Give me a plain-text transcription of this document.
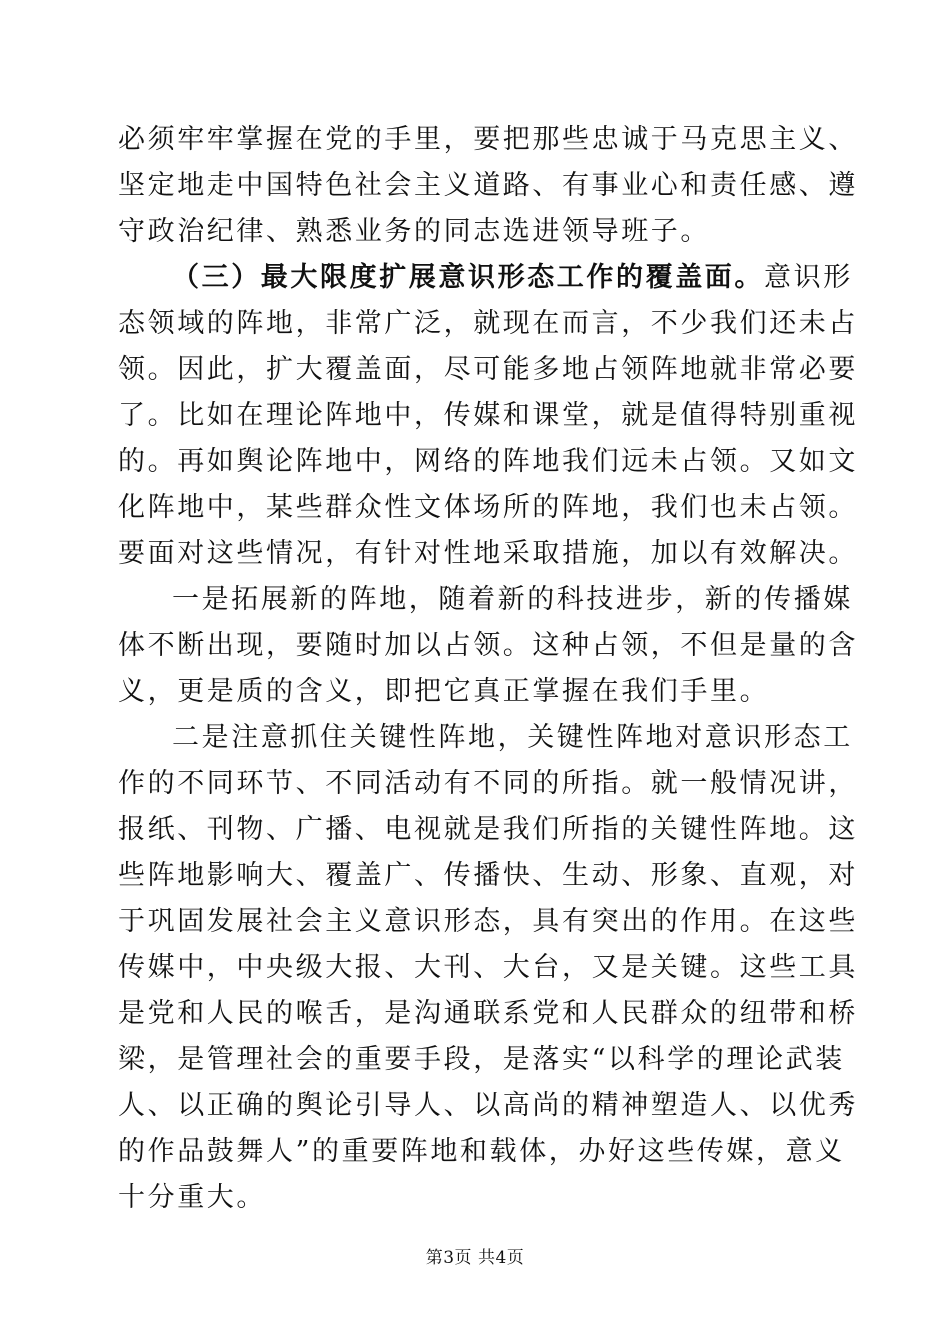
必须牢牢掌握在党的手里，要把那些忠诚于马克思主义、
坚定地走中国特色社会主义道路、有事业心和责任感、遵
守政治纪律、熟悉业务的同志选进领导班子。
（三）最大限度扩展意识形态工作的覆盖面。意识形
态领域的阵地，非常广泛，就现在而言，不少我们还未占
领。因此，扩大覆盖面，尽可能多地占领阵地就非常必要
了。比如在理论阵地中，传媒和课堂，就是值得特别重视
的。再如舆论阵地中，网络的阵地我们远未占领。又如文
化阵地中，某些群众性文体场所的阵地，我们也未占领。
要面对这些情况，有针对性地采取措施，加以有效解决。
一是拓展新的阵地，随着新的科技进步，新的传播媒
体不断出现，要随时加以占领。这种占领，不但是量的含
义，更是质的含义，即把它真正掌握在我们手里。
二是注意抓住关键性阵地，关键性阵地对意识形态工
作的不同环节、不同活动有不同的所指。就一般情况讲，
报纸、刊物、广播、电视就是我们所指的关键性阵地。这
些阵地影响大、覆盖广、传播快、生动、形象、直观，对
于巩固发展社会主义意识形态，具有突出的作用。在这些
传媒中，中央级大报、大刊、大台，又是关键。这些工具
是党和人民的喉舌，是沟通联系党和人民群众的纽带和桥
梁，是管理社会的重要手段，是落实“以科学的理论武装
人、以正确的舆论引导人、以高尚的精神塑造人、以优秀
的作品鼓舞人”的重要阵地和载体，办好这些传媒，意义
十分重大。
第3页 共4页
